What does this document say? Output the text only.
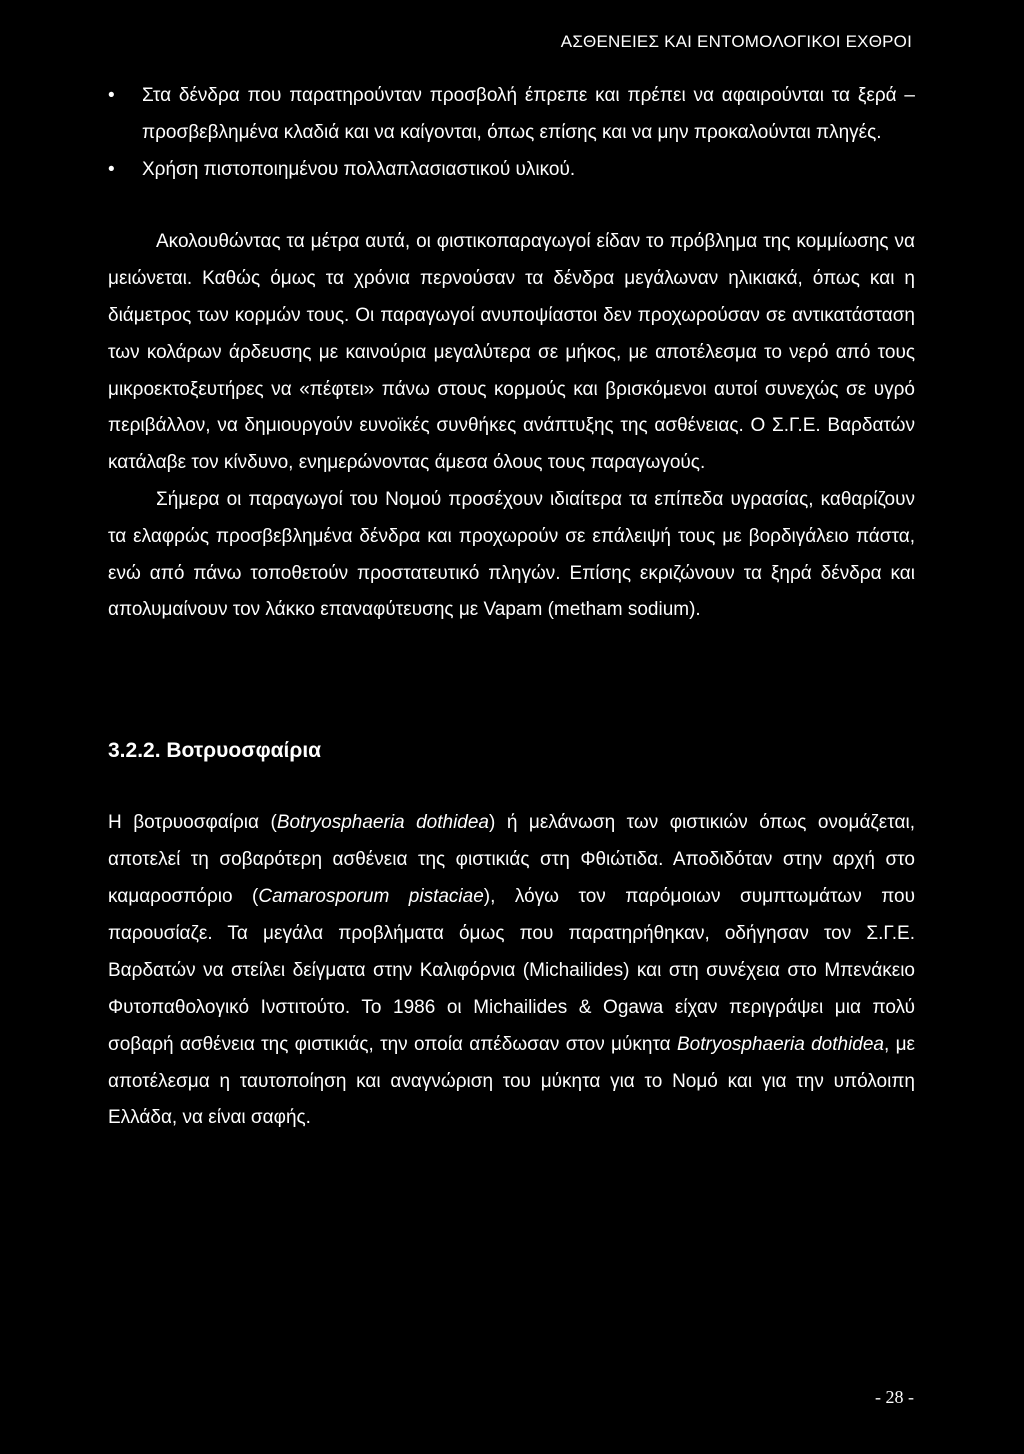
ΑΣΘΕΝΕΙΕΣ ΚΑΙ ΕΝΤΟΜΟΛΟΓΙΚΟΙ ΕΧΘΡΟΙ

• Στα δένδρα που παρατηρούνταν προσβολή έπρεπε και πρέπει να αφαιρούνται τα ξερά – προσβεβλημένα κλαδιά και να καίγονται, όπως επίσης και να μην προκαλούνται πληγές.

• Χρήση πιστοποιημένου πολλαπλασιαστικού υλικού.

Ακολουθώντας τα μέτρα αυτά, οι φιστικοπαραγωγοί είδαν το πρόβλημα της κομμίωσης να μειώνεται. Καθώς όμως τα χρόνια περνούσαν τα δένδρα μεγάλωναν ηλικιακά, όπως και η διάμετρος των κορμών τους. Οι παραγωγοί ανυποψίαστοι δεν προχωρούσαν σε αντικατάσταση των κολάρων άρδευσης με καινούρια μεγαλύτερα σε μήκος, με αποτέλεσμα το νερό από τους μικροεκτοξευτήρες να «πέφτει» πάνω στους κορμούς και βρισκόμενοι αυτοί συνεχώς σε υγρό περιβάλλον, να δημιουργούν ευνοϊκές συνθήκες ανάπτυξης της ασθένειας. Ο Σ.Γ.Ε. Βαρδατών κατάλαβε τον κίνδυνο, ενημερώνοντας άμεσα όλους τους παραγωγούς.

Σήμερα οι παραγωγοί του Νομού προσέχουν ιδιαίτερα τα επίπεδα υγρασίας, καθαρίζουν τα ελαφρώς προσβεβλημένα δένδρα και προχωρούν σε επάλειψή τους με βορδιγάλειο πάστα, ενώ από πάνω τοποθετούν προστατευτικό πληγών. Επίσης εκριζώνουν τα ξηρά δένδρα και απολυμαίνουν τον λάκκο επαναφύτευσης με Vapam (metham sodium).

3.2.2. Βοτρυοσφαίρια

Η βοτρυοσφαίρια (Botryosphaeria dothidea) ή μελάνωση των φιστικιών όπως ονομάζεται, αποτελεί τη σοβαρότερη ασθένεια της φιστικιάς στη Φθιώτιδα. Αποδιδόταν στην αρχή στο καμαροσπόριο (Camarosporum pistaciae), λόγω τον παρόμοιων συμπτωμάτων που παρουσίαζε. Τα μεγάλα προβλήματα όμως που παρατηρήθηκαν, οδήγησαν τον Σ.Γ.Ε. Βαρδατών να στείλει δείγματα στην Καλιφόρνια (Michailides) και στη συνέχεια στο Μπενάκειο Φυτοπαθολογικό Ινστιτούτο. Το 1986 οι Michailides & Ogawa είχαν περιγράψει μια πολύ σοβαρή ασθένεια της φιστικιάς, την οποία απέδωσαν στον μύκητα Botryosphaeria dothidea, με αποτέλεσμα η ταυτοποίηση και αναγνώριση του μύκητα για το Νομό και για την υπόλοιπη Ελλάδα, να είναι σαφής.

- 28 -
